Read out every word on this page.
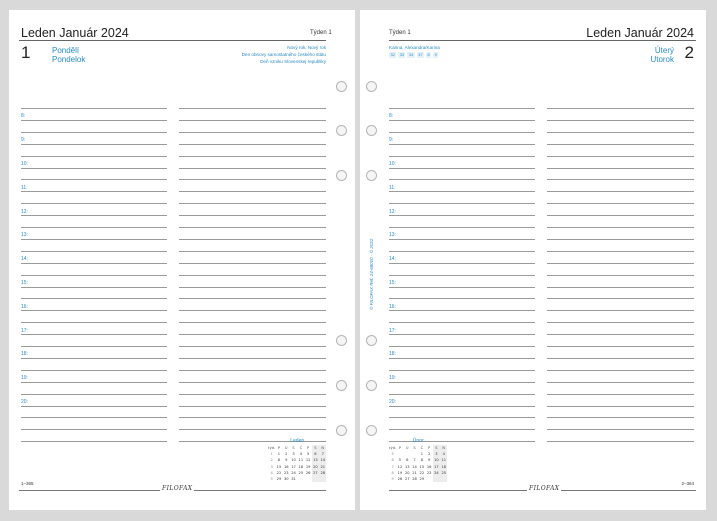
Leden Január 2024	Týden 1
1	Pondělí
Pondelok
Nový rok, Nový rok
Den obnovy samostatného českého státu
Deň vzniku Slovenskej republiky
8:
9:
10:
11:
12:
13:
14:
15:
16:
17:
18:
19:
20:
Leden
týd.	P	Ú	S	Č	P	S	N
1	1	2	3	4	5	6	7
2	8	9	10	11	12	13	14
3	15	16	17	18	19	20	21
4	22	23	24	25	26	27	28
5	29	30	31				
1–365
FILOFAX
Týden 1	Leden Január 2024
Karina, Alexandra/Karina
32	33	34	47	8	9	Úterý
Utorok 2
© FILOFAX Ref. 24-68000 · © 2022
8:
9:
10:
11:
12:
13:
14:
15:
16:
17:
18:
19:
20:
Únor
týd.	P	Ú	S	Č	P	S	N
5				1	2	3	4
6	5	6	7	8	9	10	11
7	12	13	14	15	16	17	18
8	19	20	21	22	23	24	25
9	26	27	28	29			
2–364
FILOFAX
